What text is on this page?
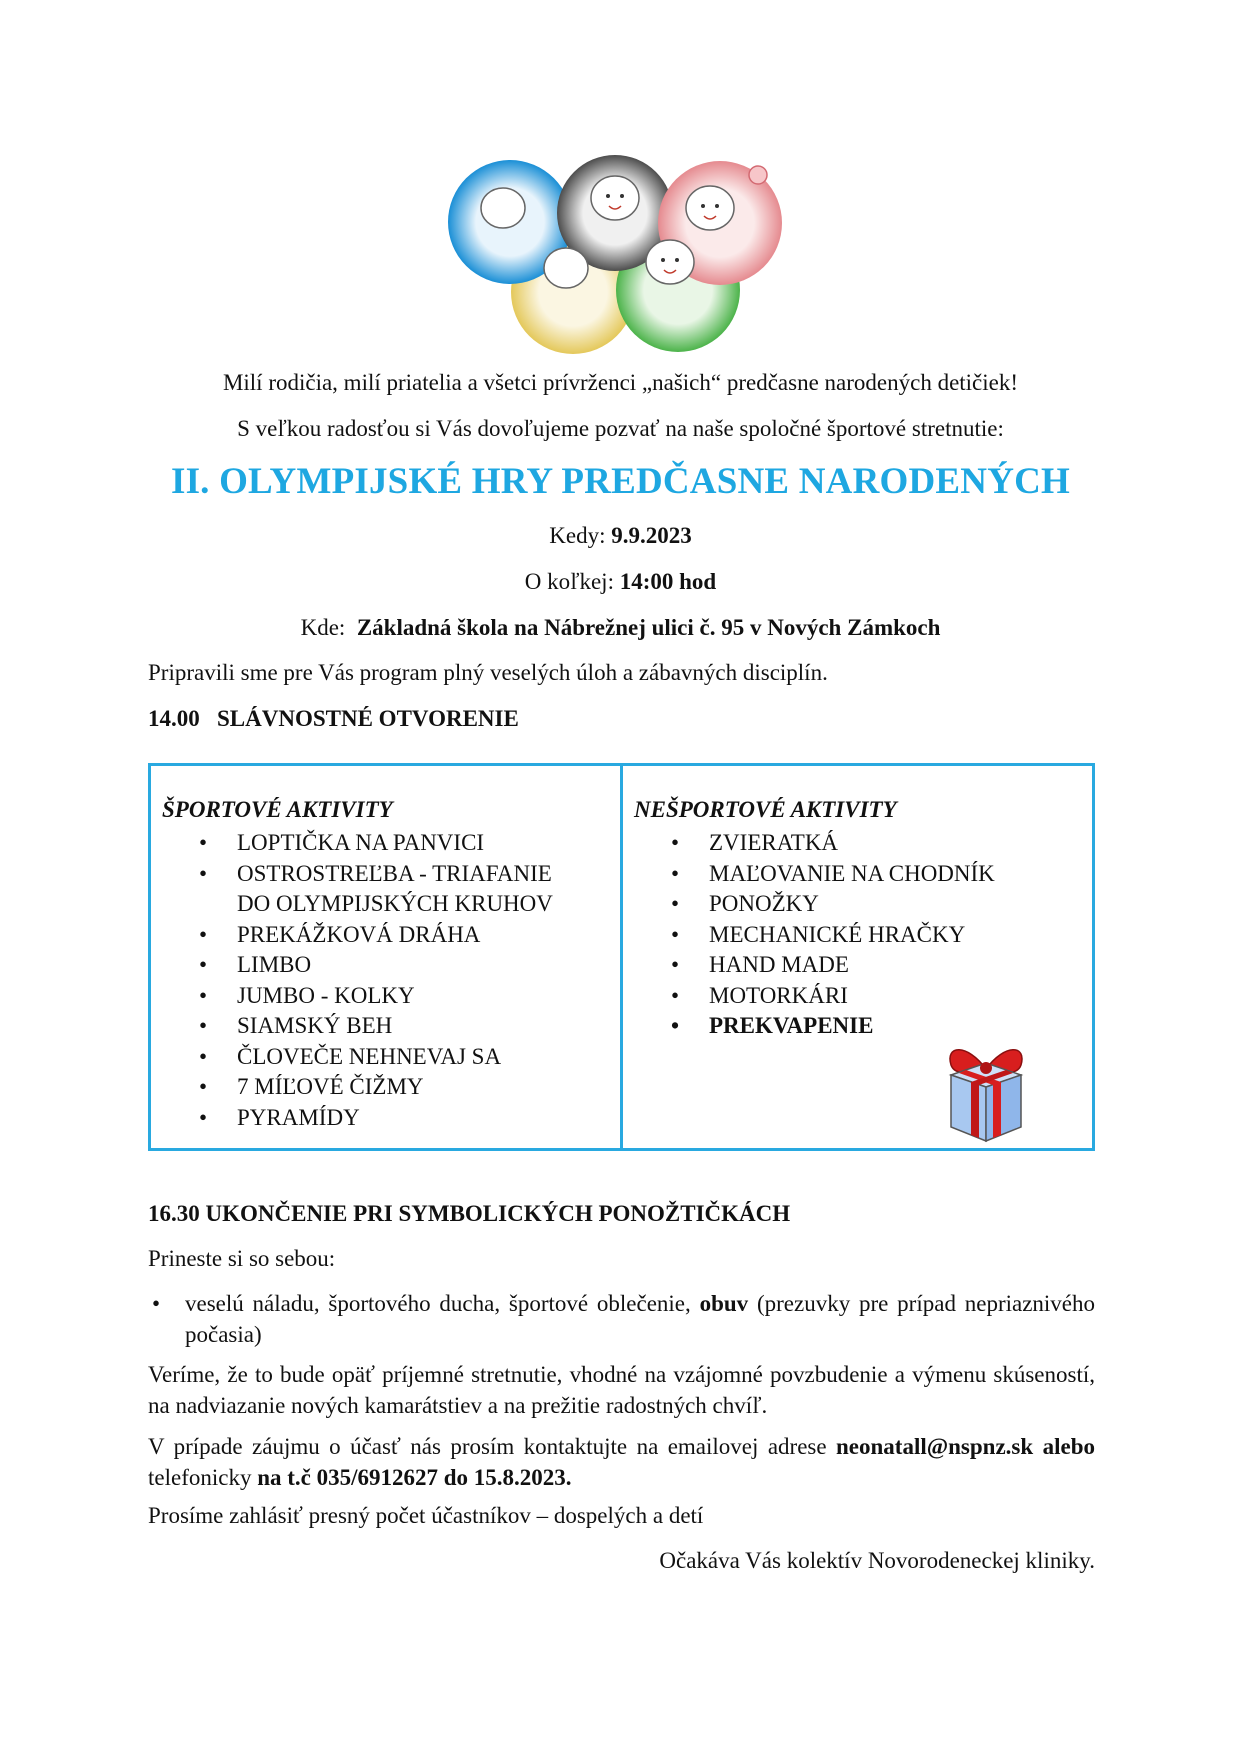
Milí rodičia, milí priatelia a všetci prívrženci „našich“ predčasne narodených detičiek!
S veľkou radosťou si Vás dovoľujeme pozvať na naše spoločné športové stretnutie:
II. OLYMPIJSKÉ HRY PREDČASNE NARODENÝCH
Kedy: 9.9.2023
O koľkej: 14:00 hod
Kde: Základná škola na Nábrežnej ulici č. 95 v Nových Zámkoch
Pripravili sme pre Vás program plný veselých úloh a zábavných disciplín.
14.00 SLÁVNOSTNÉ OTVORENIE
ŠPORTOVÉ AKTIVITY
• LOPTIČKA NA PANVICI
• OSTROSTREĽBA - TRIAFANIE
DO OLYMPIJSKÝCH KRUHOV
• PREKÁŽKOVÁ DRÁHA
• LIMBO
• JUMBO - KOLKY
• SIAMSKÝ BEH
• ČLOVEČE NEHNEVAJ SA
• 7 MÍĽOVÉ ČIŽMY
• PYRAMÍDY
NEŠPORTOVÉ AKTIVITY
• ZVIERATKÁ
• MAĽOVANIE NA CHODNÍK
• PONOŽKY
• MECHANICKÉ HRAČKY
• HAND MADE
• MOTORKÁRI
• PREKVAPENIE
16.30 UKONČENIE PRI SYMBOLICKÝCH PONOŽTIČKÁCH
Prineste si so sebou:
• veselú náladu, športového ducha, športové oblečenie, obuv (prezuvky pre prípad nepriaznivého počasia)
Veríme, že to bude opäť príjemné stretnutie, vhodné na vzájomné povzbudenie a výmenu skúseností, na nadviazanie nových kamarátstiev a na prežitie radostných chvíľ.
V prípade záujmu o účasť nás prosím kontaktujte na emailovej adrese neonatall@nspnz.sk alebo telefonicky na t.č 035/6912627 do 15.8.2023.
Prosíme zahlásiť presný počet účastníkov – dospelých a detí
Očakáva Vás kolektív Novorodeneckej kliniky.
